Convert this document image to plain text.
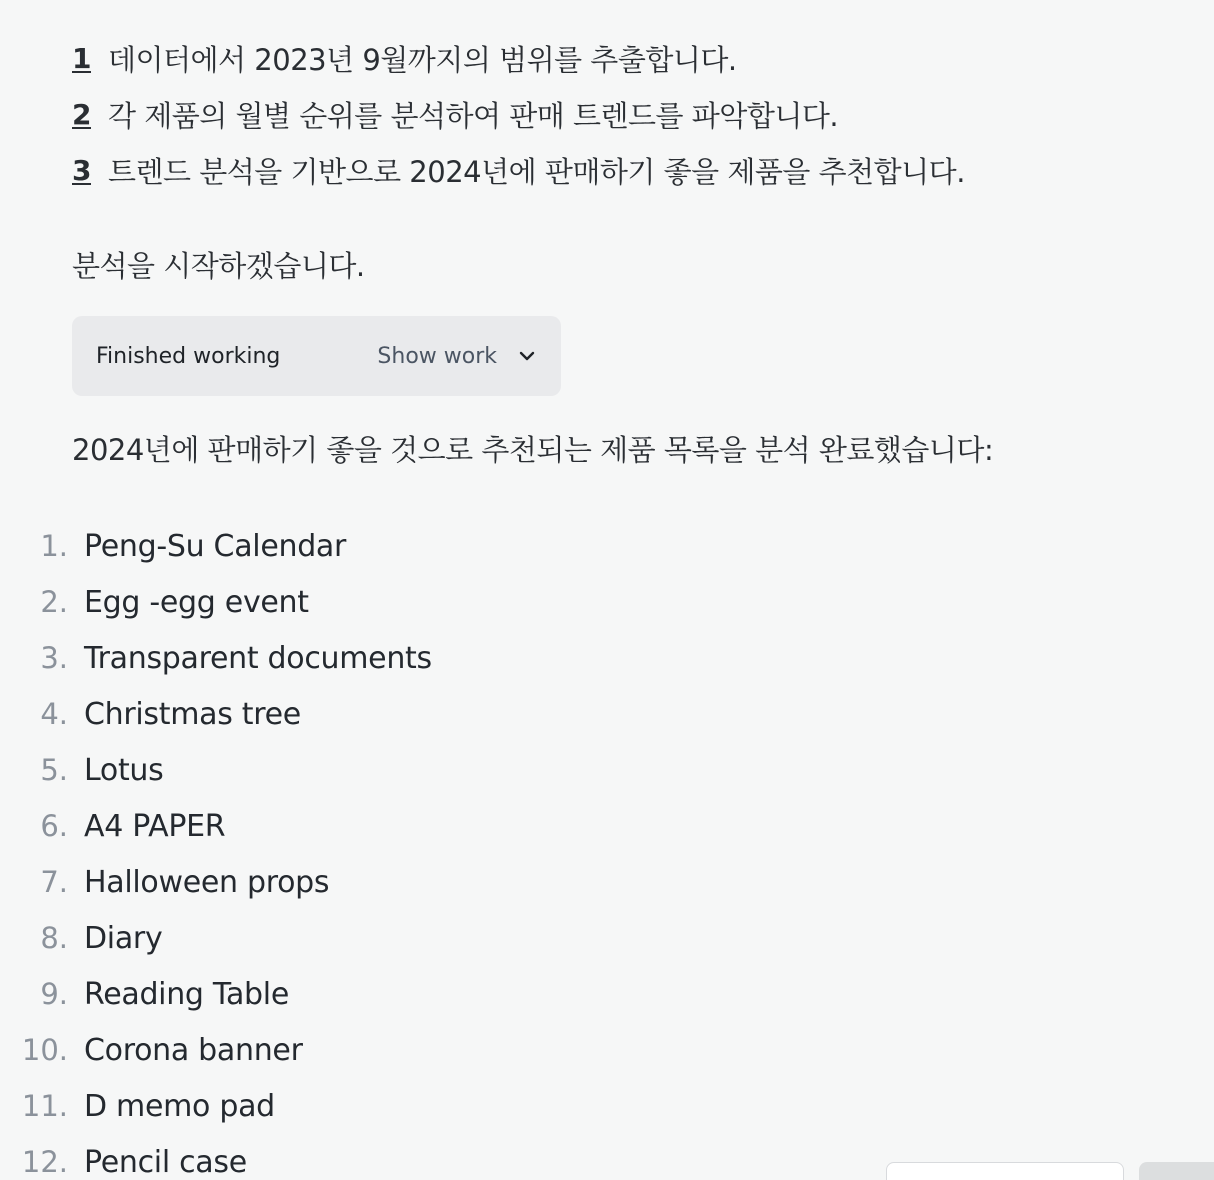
1 데이터에서 2023년 9월까지의 범위를 추출합니다.
2 각 제품의 월별 순위를 분석하여 판매 트렌드를 파악합니다.
3 트렌드 분석을 기반으로 2024년에 판매하기 좋을 제품을 추천합니다.
분석을 시작하겠습니다.
Finished working	Show work
2024년에 판매하기 좋을 것으로 추천되는 제품 목록을 분석 완료했습니다:
1. Peng-Su Calendar
2. Egg -egg event
3. Transparent documents
4. Christmas tree
5. Lotus
6. A4 PAPER
7. Halloween props
8. Diary
9. Reading Table
10. Corona banner
11. D memo pad
12. Pencil case
